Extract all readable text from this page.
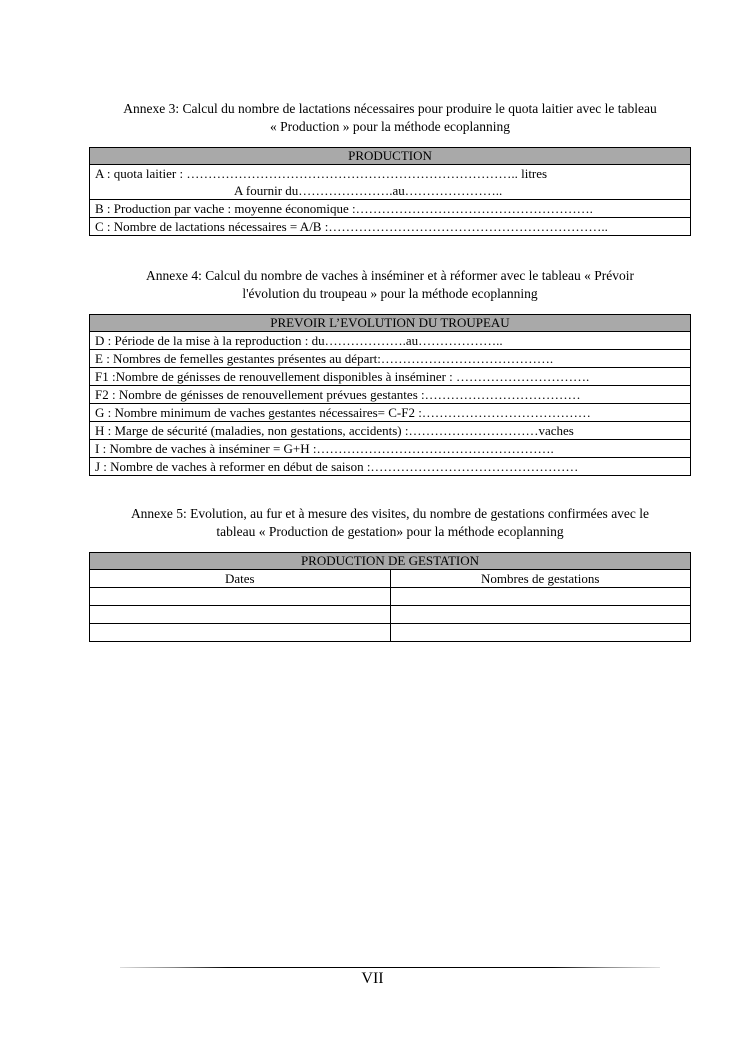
Annexe 3: Calcul du nombre de lactations nécessaires pour produire le quota laitier avec le tableau
« Production » pour la méthode ecoplanning
PRODUCTION

A : quota laitier : ………………………………………………………………….. litres
A fournir du………………….au…………………..

B : Production par vache : moyenne économique :……………………………………………….
C : Nombre de lactations nécessaires = A/B :………………………………………………………..
Annexe 4: Calcul du nombre de vaches à inséminer et à réformer avec le tableau « Prévoir
l'évolution du troupeau » pour la méthode ecoplanning
PREVOIR L’EVOLUTION DU TROUPEAU
D : Période de la mise à la reproduction : du……………….au………………..
E : Nombres de femelles gestantes présentes au départ:………………………………….
F1 :Nombre de génisses de renouvellement disponibles à inséminer : ………………………….
F2 : Nombre de génisses de renouvellement prévues gestantes :………………………………
G : Nombre minimum de vaches gestantes nécessaires= C-F2 :…………………………………
H : Marge de sécurité (maladies, non gestations, accidents) :…………………………vaches
I : Nombre de vaches à inséminer = G+H :……………………………………………….
J : Nombre de vaches à reformer en début de saison :…………………………………………
Annexe 5: Evolution, au fur et à mesure des visites, du nombre de gestations confirmées avec le
tableau « Production de gestation» pour la méthode ecoplanning
PRODUCTION DE GESTATION	
Dates	Nombres de gestations

VII
